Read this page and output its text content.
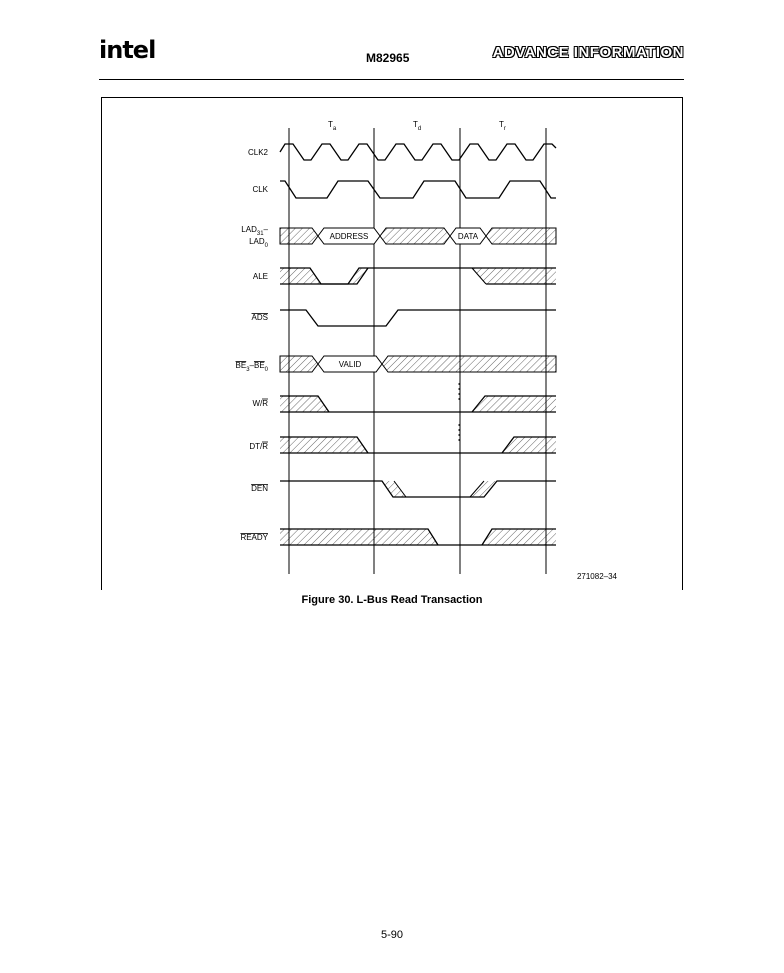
intel	M82965	ADVANCE INFORMATION
$T_a$	$T_d$	$T_r$
CLK2
CLK
$LAD_{31}-$
$LAD_0$
ALE
ADS
$BE_3-BE_0$
W/R
DT/R
DEN
READY
ADDRESS	DATA
VALID
271082–34
Figure 30. L-Bus Read Transaction
5-90
